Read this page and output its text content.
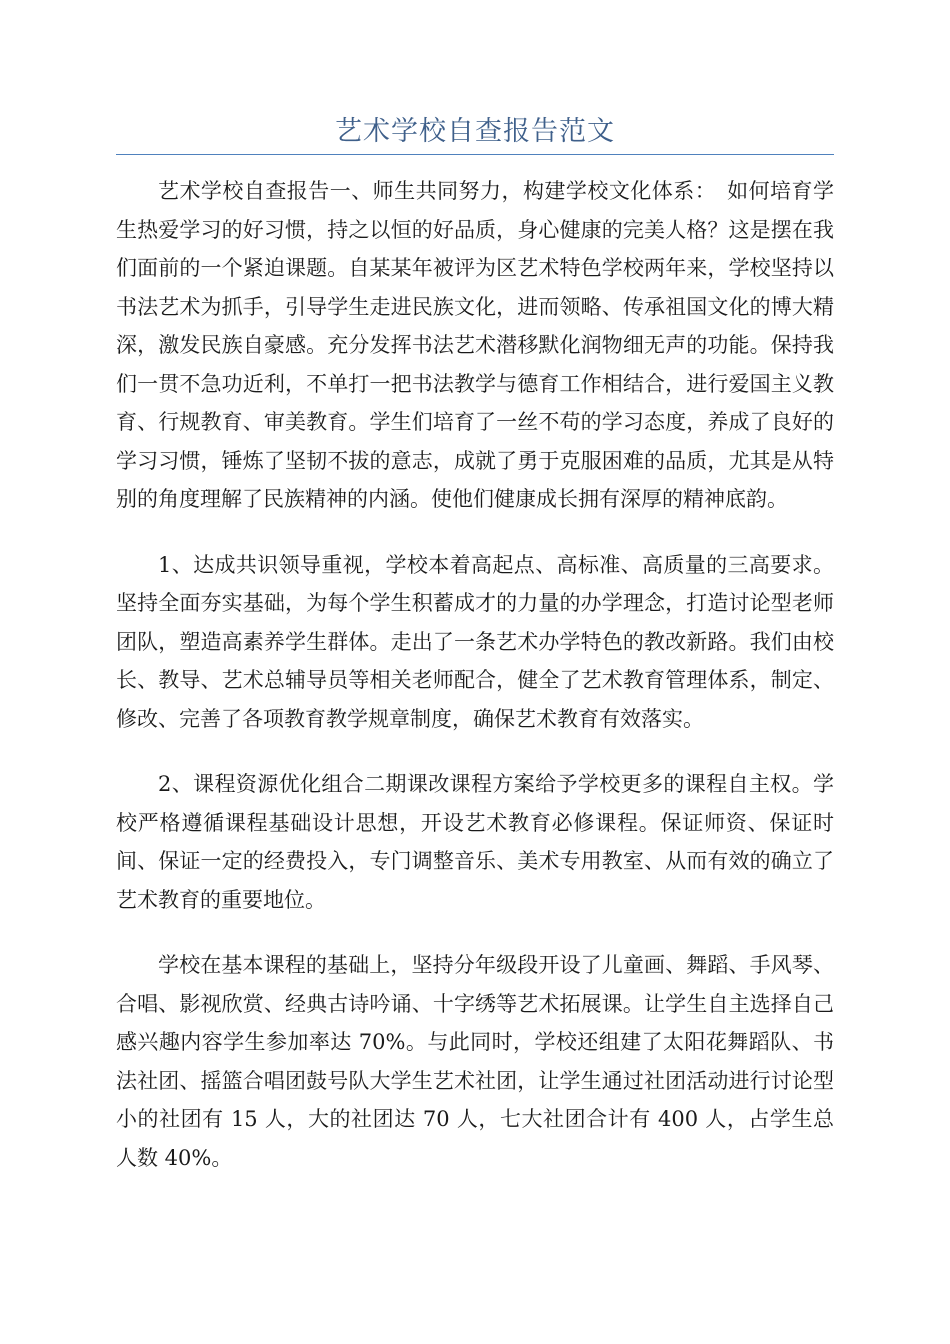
艺术学校自查报告范文

艺术学校自查报告一、师生共同努力，构建学校文化体系：　如何培育学生热爱学习的好习惯，持之以恒的好品质，身心健康的完美人格？这是摆在我们面前的一个紧迫课题。自某某年被评为区艺术特色学校两年来，学校坚持以书法艺术为抓手，引导学生走进民族文化，进而领略、传承祖国文化的博大精深，激发民族自豪感。充分发挥书法艺术潜移默化润物细无声的功能。保持我们一贯不急功近利，不单打一把书法教学与德育工作相结合，进行爱国主义教育、行规教育、审美教育。学生们培育了一丝不苟的学习态度，养成了良好的学习习惯，锤炼了坚韧不拔的意志，成就了勇于克服困难的品质，尤其是从特别的角度理解了民族精神的内涵。使他们健康成长拥有深厚的精神底韵。

1、达成共识领导重视，学校本着高起点、高标准、高质量的三高要求。坚持全面夯实基础，为每个学生积蓄成才的力量的办学理念，打造讨论型老师团队，塑造高素养学生群体。走出了一条艺术办学特色的教改新路。我们由校长、教导、艺术总辅导员等相关老师配合，健全了艺术教育管理体系，制定、修改、完善了各项教育教学规章制度，确保艺术教育有效落实。

2、课程资源优化组合二期课改课程方案给予学校更多的课程自主权。学校严格遵循课程基础设计思想，开设艺术教育必修课程。保证师资、保证时间、保证一定的经费投入，专门调整音乐、美术专用教室、从而有效的确立了艺术教育的重要地位。

学校在基本课程的基础上，坚持分年级段开设了儿童画、舞蹈、手风琴、合唱、影视欣赏、经典古诗吟诵、十字绣等艺术拓展课。让学生自主选择自己感兴趣内容学生参加率达 70%。与此同时，学校还组建了太阳花舞蹈队、书法社团、摇篮合唱团鼓号队大学生艺术社团，让学生通过社团活动进行讨论型小的社团有 15 人，大的社团达 70 人，七大社团合计有 400 人，占学生总人数 40%。
